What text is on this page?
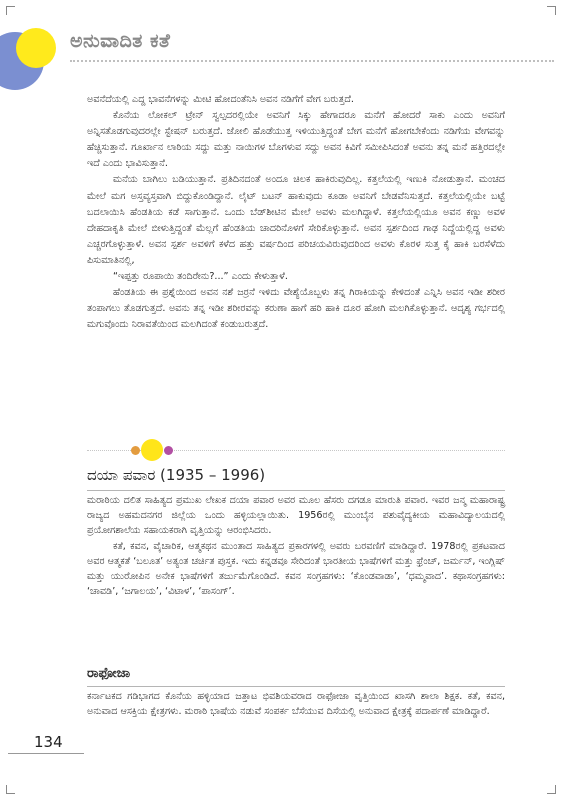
ಅನುವಾದಿತ ಕತೆ

ಅವನೆದೆಯಲ್ಲಿ ಎದ್ದ ಭಾವನೆಗಳನ್ನು ಮೀಟಿ ಹೋದಂತೆನಿಸಿ ಅವನ ನಡಿಗೆಗೆ ವೇಗ ಬರುತ್ತದೆ.

ಕೊನೆಯ ಲೋಕಲ್ ಟ್ರೇನ್ ಸ್ವಲ್ಪದರಲ್ಲಿಯೇ ಅವನಿಗೆ ಸಿಕ್ಕು ಹೇಗಾದರೂ ಮನೆಗೆ ಹೋದರೆ ಸಾಕು ಎಂದು ಅವನಿಗೆ ಅನ್ನಿಸತೊಡಗುವುದರಲ್ಲೇ ಸ್ಟೇಷನ್ ಬರುತ್ತದೆ. ಜೋಲಿ ಹೊಡೆಯುತ್ತ ಇಳಿಯುತ್ತಿದ್ದಂತೆ ಬೇಗ ಮನೆಗೆ ಹೋಗಬೇಕೆಂದು ನಡಿಗೆಯ ವೇಗವನ್ನು ಹೆಚ್ಚಿಸುತ್ತಾನೆ. ಗೂರ್ಖಾನ ಲಾಠಿಯ ಸದ್ದು ಮತ್ತು ನಾಯಿಗಳ ಬೊಗಳುವ ಸದ್ದು ಅವನ ಕಿವಿಗೆ ಸಮೀಪಿಸಿದಂತೆ ಅವನು ತನ್ನ ಮನೆ ಹತ್ತಿರದಲ್ಲೇ ಇದೆ ಎಂದು ಭಾವಿಸುತ್ತಾನೆ.

ಮನೆಯ ಬಾಗಿಲು ಬಡಿಯುತ್ತಾನೆ. ಪ್ರತಿದಿನದಂತೆ ಅಂದೂ ಚಿಲಕ ಹಾಕಿರುವುದಿಲ್ಲ. ಕತ್ತಲೆಯಲ್ಲಿ ಇಣುಕಿ ನೋಡುತ್ತಾನೆ. ಮಂಚದ ಮೇಲೆ ಮಗ ಅಸ್ತವ್ಯಸ್ತವಾಗಿ ಬಿದ್ದುಕೊಂಡಿದ್ದಾನೆ. ಲೈಟ್ ಬಟನ್ ಹಾಕುವುದು ಕೂಡಾ ಅವನಿಗೆ ಬೇಡವೆನಿಸುತ್ತದೆ. ಕತ್ತಲೆಯಲ್ಲಿಯೇ ಬಟ್ಟೆ ಬದಲಾಯಿಸಿ ಹೆಂಡತಿಯ ಕಡೆ ಸಾಗುತ್ತಾನೆ. ಒಂದು ಬೆಡ್‌ಶೀಟಿನ ಮೇಲೆ ಅವಳು ಮಲಗಿದ್ದಾಳೆ. ಕತ್ತಲೆಯಲ್ಲಿಯೂ ಅವನ ಕಣ್ಣು ಅವಳ ದೇಹದಾಕೃತಿ ಮೇಲೆ ಬೀಳುತ್ತಿದ್ದಂತೆ ಮೆಲ್ಲಗೆ ಹೆಂಡತಿಯ ಚಾದರಿನೊಳಗೆ ಸೇರಿಕೊಳ್ಳುತ್ತಾನೆ. ಅವನ ಸ್ಪರ್ಶದಿಂದ ಗಾಢ ನಿದ್ದೆಯಲ್ಲಿದ್ದ ಅವಳು ಎಚ್ಚರಗೊಳ್ಳುತ್ತಾಳೆ. ಅವನ ಸ್ಪರ್ಶ ಅವಳಿಗೆ ಕಳೆದ ಹತ್ತು ವರ್ಷದಿಂದ ಪರಿಚಯವಿರುವುದರಿಂದ ಅವಳು ಕೊರಳ ಸುತ್ತ ಕೈ ಹಾಕಿ ಬರಸೆಳೆದು ಪಿಸುಮಾತಿನಲ್ಲಿ,

“ಇಪ್ಪತ್ತು ರೂಪಾಯಿ ತಂದಿರೇನು?...” ಎಂದು ಕೇಳುತ್ತಾಳೆ.

ಹೆಂಡತಿಯ ಈ ಪ್ರಶ್ನೆಯಿಂದ ಅವನ ನಶೆ ಜರ್ರನೆ ಇಳಿದು ವೇಶ್ಯೆಯೊಬ್ಬಳು ತನ್ನ ಗಿರಾಕಿಯನ್ನು ಕೇಳಿದಂತೆ ಎನ್ನಿಸಿ ಅವನ ಇಡೀ ಶರೀರ ತಂಪಾಗಲು ತೊಡಗುತ್ತದೆ. ಅವನು ತನ್ನ ಇಡೀ ಶರೀರವನ್ನು ಕರುಣಾ ಹಾಗೆ ಹರಿ ಹಾಕಿ ದೂರ ಹೋಗಿ ಮಲಗಿಕೊಳ್ಳುತ್ತಾನೆ. ಆದೃಶ್ಯ ಗರ್ಭದಲ್ಲಿ ಮಗುವೊಂದು ನಿರಾವತೆಯಿಂದ ಮಲಗಿದಂತೆ ಕಂಡುಬರುತ್ತದೆ.

ದಯಾ ಪವಾರ (1935 – 1996)

ಮರಾಠಿಯ ದಲಿತ ಸಾಹಿತ್ಯದ ಪ್ರಮುಖ ಲೇಖಕ ದಯಾ ಪವಾರ ಅವರ ಮೂಲ ಹೆಸರು ದಗಡೂ ಮಾರುತಿ ಪವಾರ. ಇವರ ಜನ್ಮ ಮಹಾರಾಷ್ಟ್ರ ರಾಜ್ಯದ ಅಹಮದನಗರ ಜಿಲ್ಲೆಯ ಒಂದು ಹಳ್ಳಿಯಲ್ಲಾಯಿತು. 1956ರಲ್ಲಿ ಮುಂಬೈನ ಪಶುವೈದ್ಯಕೀಯ ಮಹಾವಿದ್ಯಾಲಯದಲ್ಲಿ ಪ್ರಯೋಗಶಾಲೆಯ ಸಹಾಯಕರಾಗಿ ವೃತ್ತಿಯನ್ನು ಆರಂಭಿಸಿದರು.

ಕತೆ, ಕವನ, ವೈಚಾರಿಕ, ಆತ್ಮಕಥನ ಮುಂತಾದ ಸಾಹಿತ್ಯದ ಪ್ರಕಾರಗಳಲ್ಲಿ ಅವರು ಬರವಣಿಗೆ ಮಾಡಿದ್ದಾರೆ. 1978ರಲ್ಲಿ ಪ್ರಕಟವಾದ ಅವರ ಆತ್ಮಕತೆ ‘ಬಲೂತ’ ಅತ್ಯಂತ ಚರ್ಚಿತ ಪುಸ್ತಕ. ಇದು ಕನ್ನಡವೂ ಸೇರಿದಂತೆ ಭಾರತೀಯ ಭಾಷೆಗಳಿಗೆ ಮತ್ತು ಫ್ರೆಂಚ್, ಜರ್ಮನ್, ಇಂಗ್ಲಿಷ್ ಮತ್ತು ಯುರೋಪಿನ ಅನೇಕ ಭಾಷೆಗಳಿಗೆ ತರ್ಜುಮೆಗೊಂಡಿದೆ. ಕವನ ಸಂಗ್ರಹಗಳು: ‘ಕೊಂಡವಾಡಾ’, ‘ಧಮ್ಮವಾದ’. ಕಥಾಸಂಗ್ರಹಗಳು: ‘ಚಾವಡಿ’, ‘ಜಗಾಲಯ’, ‘ವಿಟಾಳ’, ‘ಪಾಸಂಗ್’.

ರಾಫೋಜಾ

ಕರ್ನಾಟಕದ ಗಡಿಭಾಗದ ಕೊನೆಯ ಹಳ್ಳಿಯಾದ ಜತ್ತಾಟ ಭಿವಶಿಯವರಾದ ರಾಫೋಜಾ ವೃತ್ತಿಯಿಂದ ಖಾಸಗಿ ಶಾಲಾ ಶಿಕ್ಷಕ. ಕತೆ, ಕವನ, ಅನುವಾದ ಆಸಕ್ತಿಯ ಕ್ಷೇತ್ರಗಳು. ಮರಾಠಿ ಭಾಷೆಯ ನಡುವೆ ಸಂಪರ್ಕ ಬೆಸೆಯುವ ದಿಸೆಯಲ್ಲಿ ಅನುವಾದ ಕ್ಷೇತ್ರಕ್ಕೆ ಪದಾರ್ಪಣೆ ಮಾಡಿದ್ದಾರೆ.

134
